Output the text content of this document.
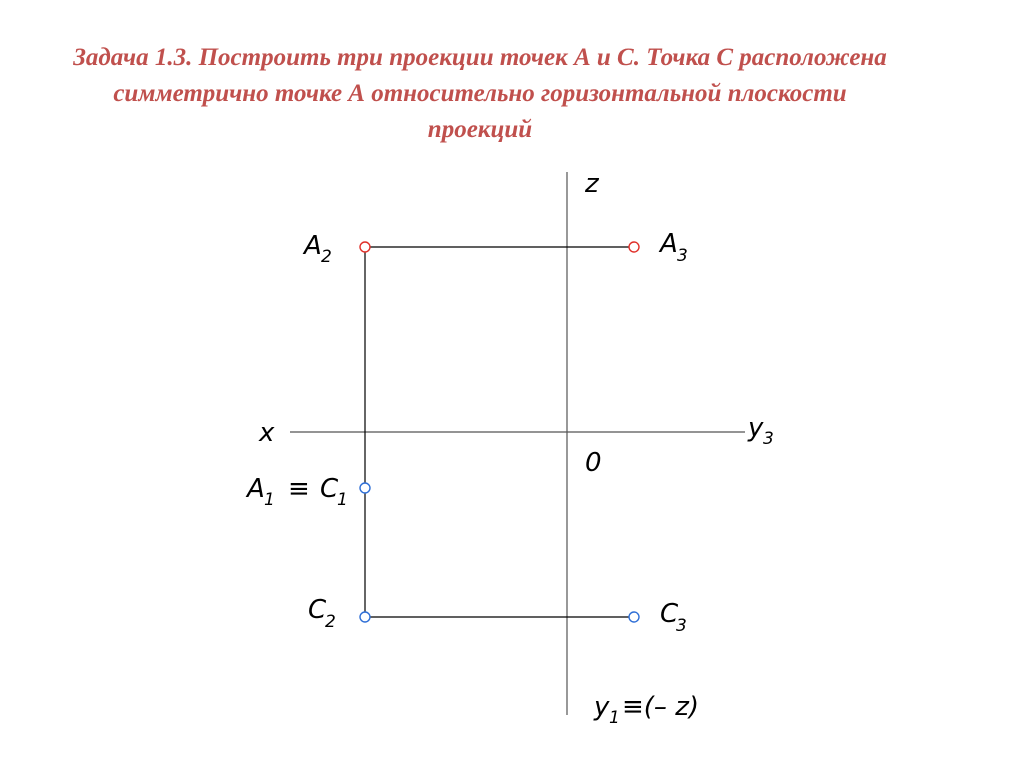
Задача 1.3. Построить три проекции точек А и С. Точка С расположена
симметрично точке А относительно горизонтальной плоскости
проекций
z
x	y 3
0
y 1 ≡(– z)
A 2	A 3
A 1 ≡ C
1
C
2	C
3
